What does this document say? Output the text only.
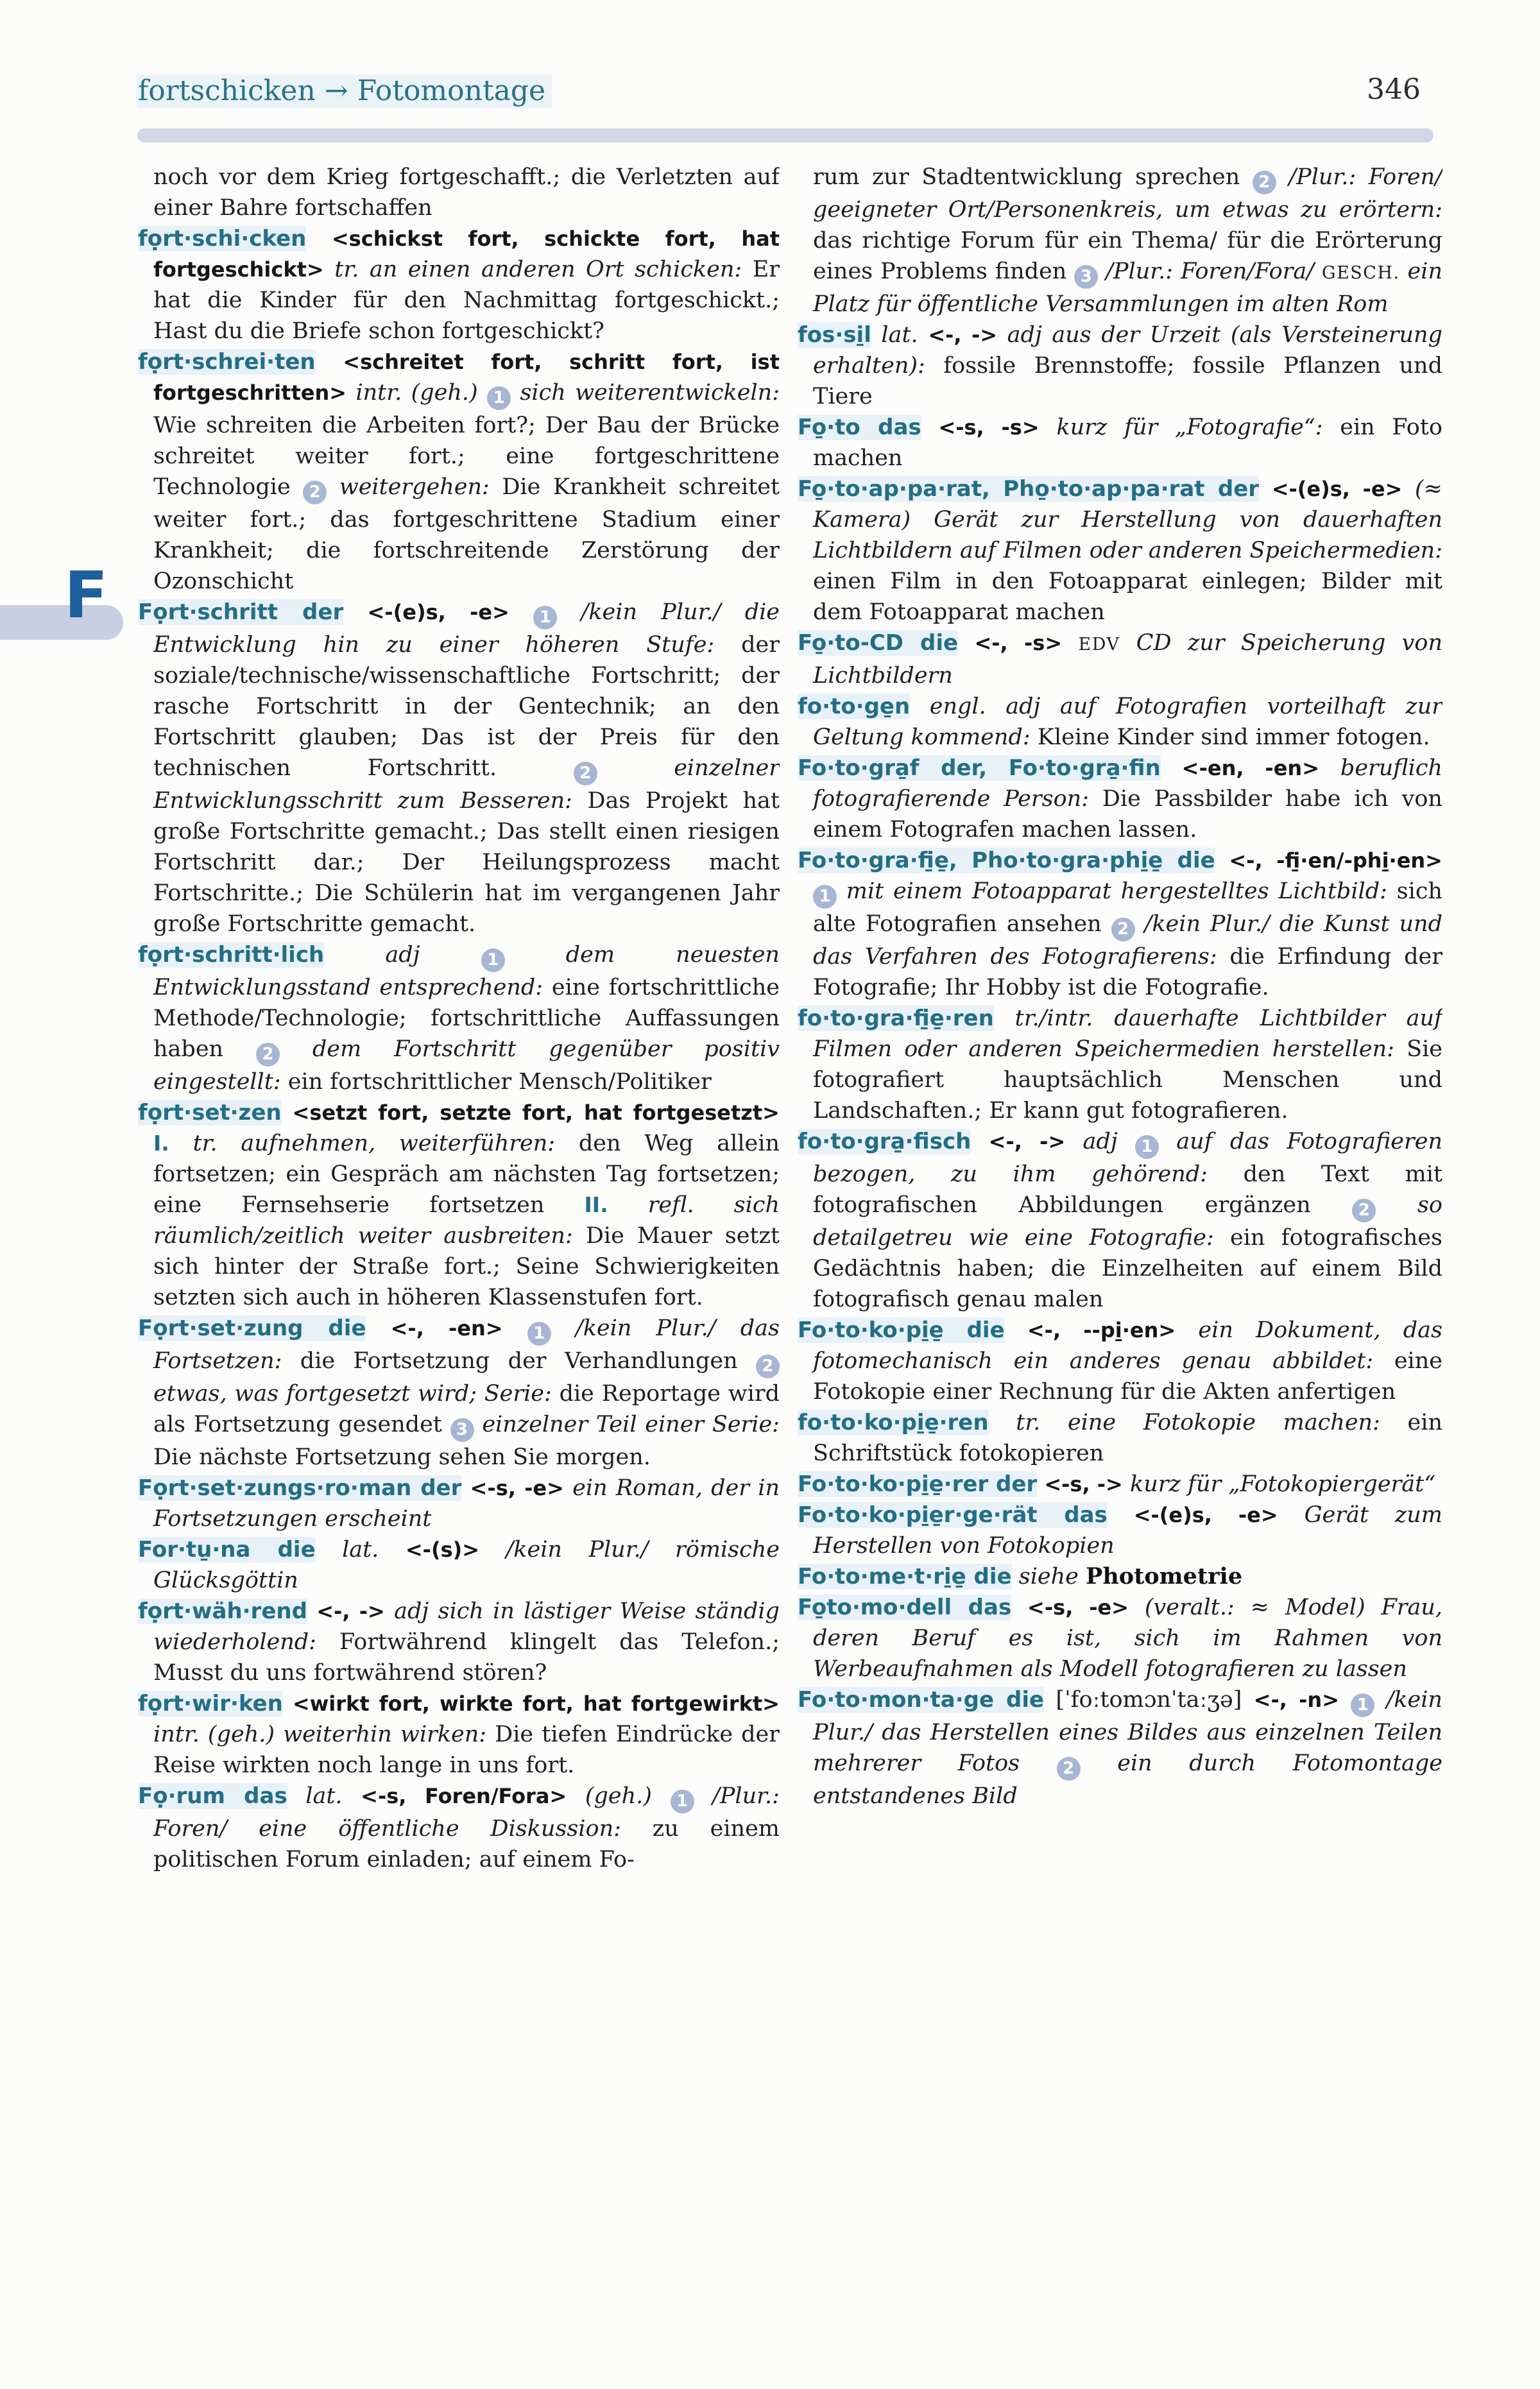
fortschicken → Fotomontage	346
F

noch vor dem Krieg fortgeschafft.; die Verletzten auf einer Bahre fortschaffen

fọrt·schi·cken <schickst fort, schickte fort, hat fortgeschickt> tr. an einen anderen Ort schicken: Er hat die Kinder für den Nachmittag fortgeschickt.; Hast du die Briefe schon fortgeschickt?

fọrt·schrei·ten <schreitet fort, schritt fort, ist fortgeschritten> intr. (geh.) 1 sich weiterentwickeln: Wie schreiten die Arbeiten fort?; Der Bau der Brücke schreitet weiter fort.; eine fortgeschrittene Technologie 2 weitergehen: Die Krankheit schreitet weiter fort.; das fortgeschrittene Stadium einer Krankheit; die fortschreitende Zerstörung der Ozonschicht

Fọrt·schritt der <-(e)s, -e> 1 /kein Plur./ die Entwicklung hin zu einer höheren Stufe: der soziale/technische/wissenschaftliche Fortschritt; der rasche Fortschritt in der Gentechnik; an den Fortschritt glauben; Das ist der Preis für den technischen Fortschritt.	2	einzelner Entwicklungsschritt zum Besseren: Das Projekt hat große Fortschritte gemacht.; Das stellt einen riesigen Fortschritt dar.; Der Heilungsprozess macht Fortschritte.; Die Schülerin hat im vergangenen Jahr große Fortschritte gemacht.

fọrt·schritt·lich	adj	1	dem neuesten Entwicklungsstand entsprechend: eine fortschrittliche Methode/Technologie; fortschrittliche Auffassungen haben 2 dem Fortschritt gegenüber positiv eingestellt: ein fortschrittlicher Mensch/Politiker

fọrt·set·zen <setzt fort, setzte fort, hat fortgesetzt> I. tr. aufnehmen, weiterführen: den Weg allein fortsetzen; ein Gespräch am nächsten Tag fortsetzen; eine Fernsehserie fortsetzen II. refl. sich räumlich/zeitlich weiter ausbreiten: Die Mauer setzt sich hinter der Straße fort.; Seine Schwierigkeiten setzten sich auch in höheren Klassenstufen fort.

Fọrt·set·zung die <-, -en> 1 /kein Plur./ das Fortsetzen: die Fortsetzung der Verhandlungen 2 etwas, was fortgesetzt wird; Serie: die Reportage wird als Fortsetzung gesendet 3 einzelner Teil einer Serie: Die nächste Fortsetzung sehen Sie morgen.

Fọrt·set·zungs·ro·man der <-s, -e> ein Roman, der in Fortsetzungen erscheint

For·tu̱·na die lat. <-(s)> /kein Plur./ römische Glücksgöttin

fọrt·wäh·rend <-, -> adj sich in lästiger Weise ständig wiederholend: Fortwährend klingelt das Telefon.; Musst du uns fortwährend stören?

fọrt·wir·ken <wirkt fort, wirkte fort, hat fortgewirkt> intr. (geh.) weiterhin wirken: Die tiefen Eindrücke der Reise wirkten noch lange in uns fort.

Fọ·rum das lat. <-s, Foren/Fora> (geh.) 1 /Plur.: Foren/ eine öffentliche Diskussion: zu einem politischen Forum einladen; auf einem Fo-

rum zur Stadtentwicklung sprechen 2 /Plur.: Foren/ geeigneter Ort/Personenkreis, um etwas zu erörtern: das richtige Forum für ein Thema/ für die Erörterung eines Problems finden 3 /Plur.: Foren/Fora/ GESCH. ein Platz für öffentliche Versammlungen im alten Rom

fos·si̱l lat. <-, -> adj aus der Urzeit (als Versteinerung erhalten): fossile Brennstoffe; fossile Pflanzen und Tiere

Fo̱·to das <-s, -s> kurz für „Fotografie“: ein Foto machen

Fo̱·to·ap·pa·rat, Pho̱·to·ap·pa·rat der <-(e)s, -e> (≈ Kamera) Gerät zur Herstellung von dauerhaften Lichtbildern auf Filmen oder anderen Speichermedien: einen Film in den Fotoapparat einlegen; Bilder mit dem Fotoapparat machen

Fo̱·to-CD die <-, -s> EDV CD zur Speicherung von Lichtbildern

fo·to·ge̱n engl. adj auf Fotografien vorteilhaft zur Geltung kommend: Kleine Kinder sind immer fotogen.

Fo·to·gra̱f der, Fo·to·gra̱·fin <-en, -en> beruflich fotografierende Person: Die Passbilder habe ich von einem Fotografen machen lassen.

Fo·to·gra·fi̱e̱, Pho·to·gra·phi̱e̱ die <-, -fi̱·en/-phi̱·en> 1 mit einem Fotoapparat hergestelltes Lichtbild: sich alte Fotografien ansehen 2 /kein Plur./ die Kunst und das Verfahren des Fotografierens: die Erfindung der Fotografie; Ihr Hobby ist die Fotografie.

fo·to·gra·fi̱e̱·ren tr./intr. dauerhafte Lichtbilder auf Filmen oder anderen Speichermedien herstellen: Sie fotografiert hauptsächlich Menschen und Landschaften.; Er kann gut fotografieren.

fo·to·gra̱·fisch <-, -> adj 1 auf das Fotografieren bezogen, zu ihm gehörend: den Text mit fotografischen Abbildungen ergänzen	2 so detailgetreu wie eine Fotografie: ein fotografisches Gedächtnis haben; die Einzelheiten auf einem Bild fotografisch genau malen

Fo·to·ko·pi̱e̱ die <-, --pi̱·en> ein Dokument, das fotomechanisch ein anderes genau abbildet: eine Fotokopie einer Rechnung für die Akten anfertigen

fo·to·ko·pi̱e̱·ren tr. eine Fotokopie machen: ein Schriftstück fotokopieren

Fo·to·ko·pi̱e̱·rer der <-s, -> kurz für „Fotokopiergerät“

Fo·to·ko·pi̱e̱r·ge·rät das <-(e)s, -e> Gerät zum Herstellen von Fotokopien

Fo·to·me·t·ri̱e̱ die siehe Photometrie

Fo̱to·mo·dell das <-s, -e> (veralt.: ≈ Model) Frau, deren Beruf es ist, sich im Rahmen von Werbeaufnahmen als Modell fotografieren zu lassen

Fo·to·mon·ta·ge die [ˈfoːtomɔnˈtaːʒə] <-, -n> 1 /kein Plur./ das Herstellen eines Bildes aus einzelnen Teilen mehrerer Fotos	2 ein durch Fotomontage entstandenes Bild
